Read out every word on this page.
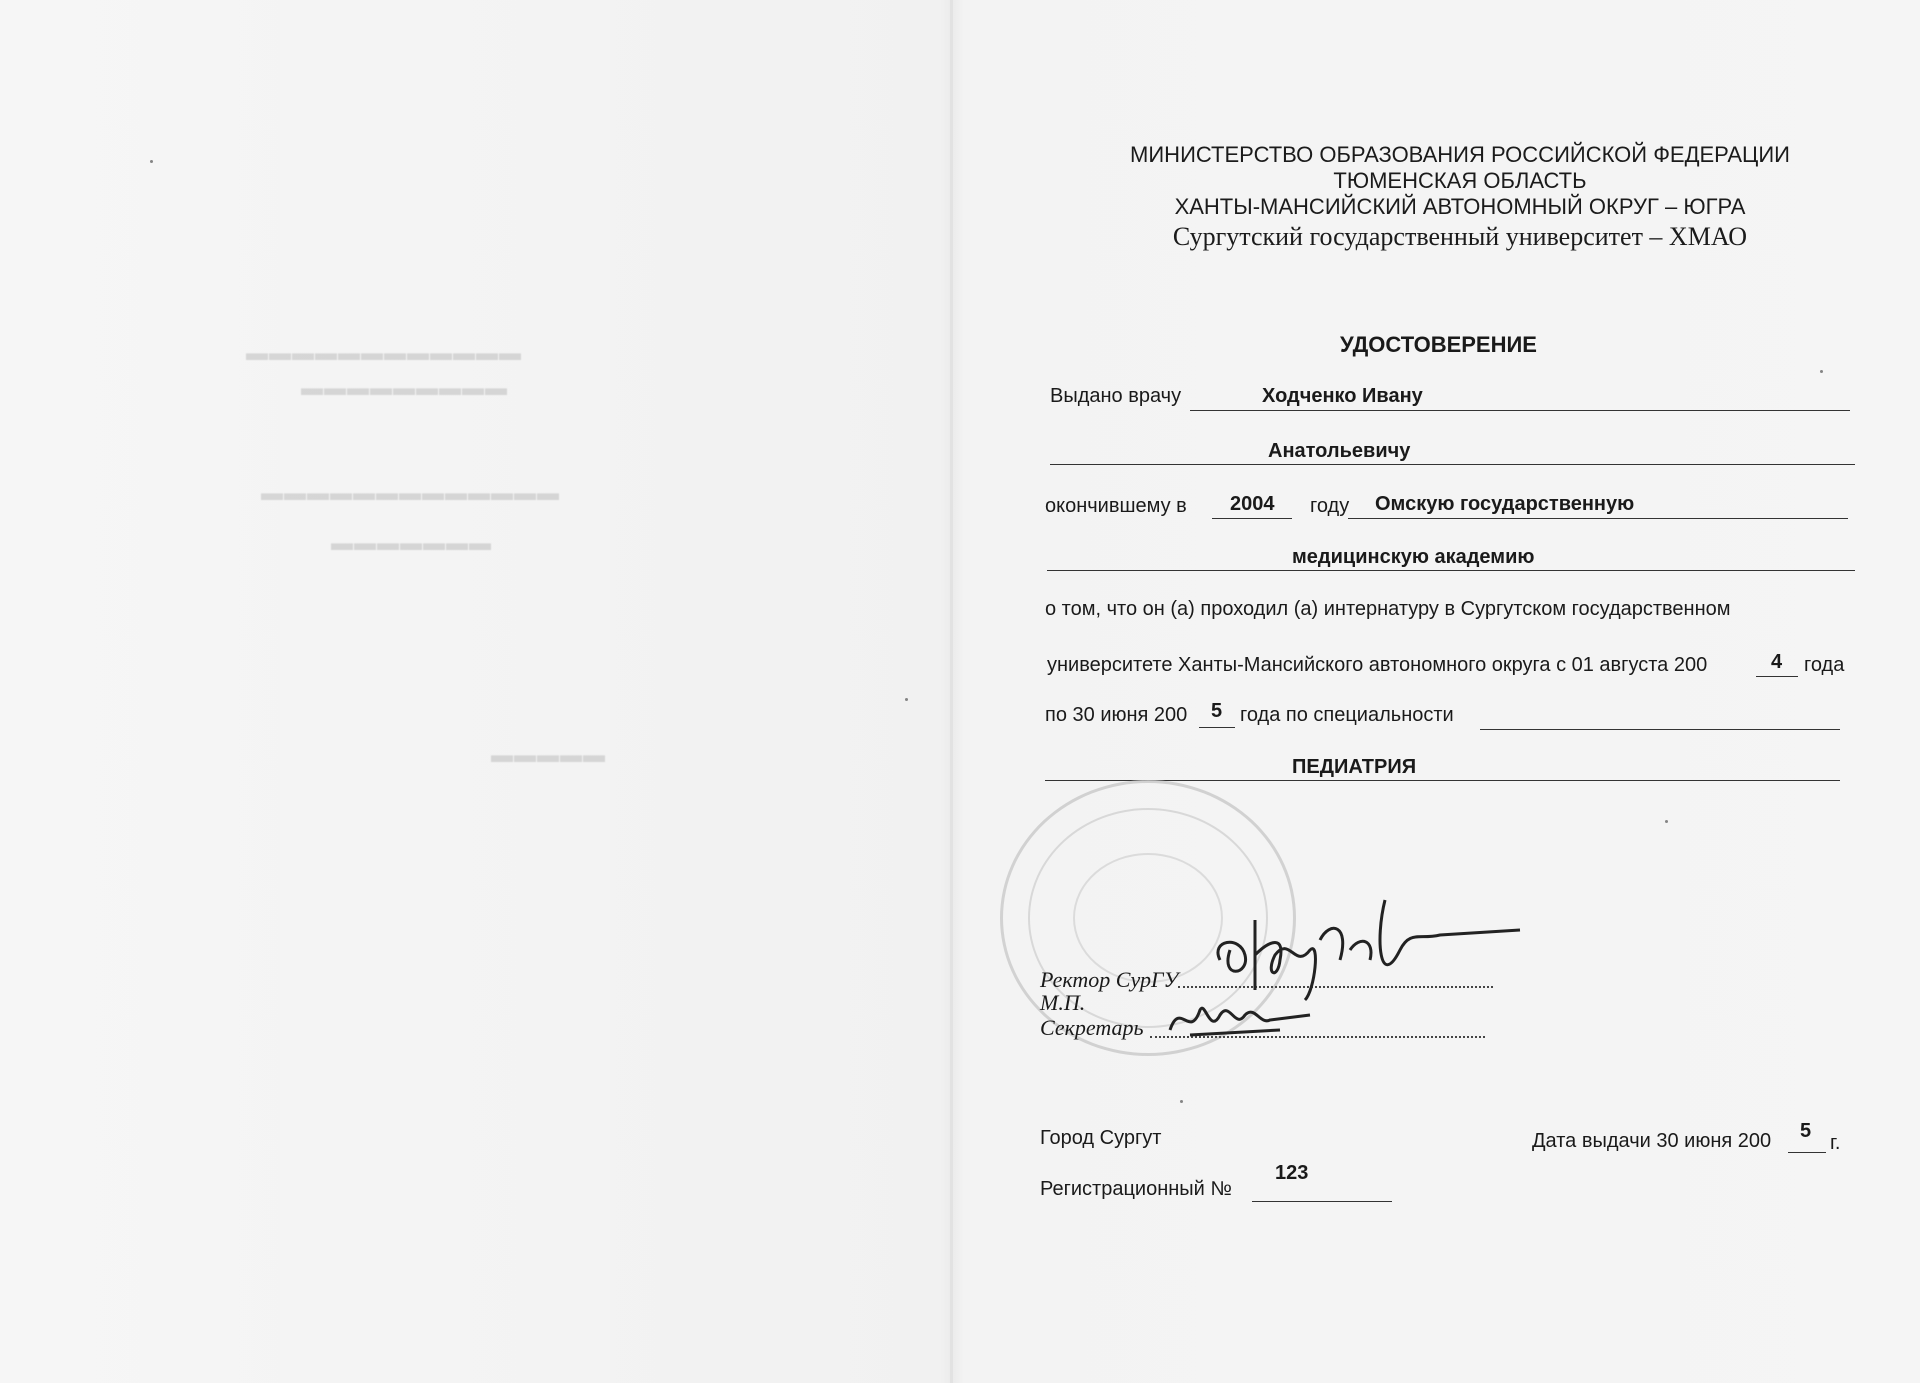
▬▬▬▬▬▬▬▬▬▬▬▬
▬▬▬▬▬▬▬▬▬
▬▬▬▬▬▬▬▬▬▬▬▬▬
▬▬▬▬▬▬▬
▬▬▬▬▬
МИНИСТЕРСТВО ОБРАЗОВАНИЯ РОССИЙСКОЙ ФЕДЕРАЦИИ
ТЮМЕНСКАЯ ОБЛАСТЬ
ХАНТЫ-МАНСИЙСКИЙ АВТОНОМНЫЙ ОКРУГ – ЮГРА
Сургутский государственный университет – ХМАО
УДОСТОВЕРЕНИЕ
Выдано врачу	Ходченко Ивану
Анатольевичу
окончившему в 2004 году Омскую государственную
медицинскую академию
о том, что он (а) проходил (а) интернатуру в Сургутском государственном
университете Ханты-Мансийского автономного округа с 01 августа 200	4 года
по 30 июня 200 5 года по специальности
ПЕДИАТРИЯ
Ректор СурГУ
М.П.
Секретарь
Город Сургут	Дата выдачи 30 июня 200 5
г.
Регистрационный №
123
